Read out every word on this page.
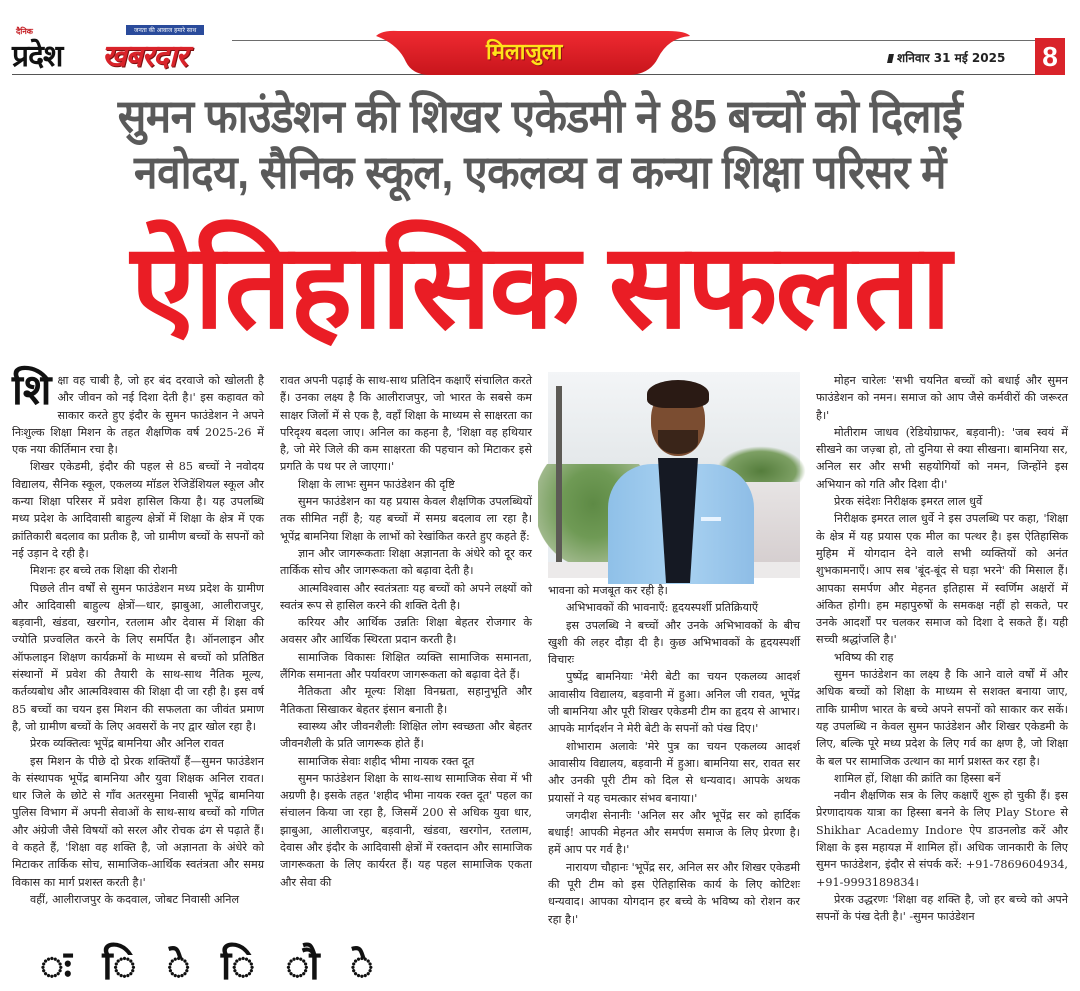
दैनिक	जनता की आवाज हमारे साथ
प्रदेश खबरदार	मिलाजुला	शनिवार 31 मई 2025 8
सुमन फाउंडेशन की शिखर एकेडमी ने 85 बच्चों को दिलाई
नवोदय, सैनिक स्कूल, एकलव्य व कन्या शिक्षा परिसर में
ऐतिहासिक सफलता

शिक्षा वह चाबी है, जो हर बंद दरवाजे को खोलती है और जीवन को नई दिशा देती है।' इस कहावत को साकार करते हुए इंदौर के सुमन फाउंडेशन ने अपने निःशुल्क शिक्षा मिशन के तहत शैक्षणिक वर्ष 2025-26 में एक नया कीर्तिमान रचा है।

शिखर एकेडमी, इंदौर की पहल से 85 बच्चों ने नवोदय विद्यालय, सैनिक स्कूल, एकलव्य मॉडल रेजिडेंशियल स्कूल और कन्या शिक्षा परिसर में प्रवेश हासिल किया है। यह उपलब्धि मध्य प्रदेश के आदिवासी बाहुल्य क्षेत्रों में शिक्षा के क्षेत्र में एक क्रांतिकारी बदलाव का प्रतीक है, जो ग्रामीण बच्चों के सपनों को नई उड़ान दे रही है।

मिशनः हर बच्चे तक शिक्षा की रोशनी

पिछले तीन वर्षों से सुमन फाउंडेशन मध्य प्रदेश के ग्रामीण और आदिवासी बाहुल्य क्षेत्रों—धार, झाबुआ, आलीराजपुर, बड़वानी, खंडवा, खरगोन, रतलाम और देवास में शिक्षा की ज्योति प्रज्वलित करने के लिए समर्पित है। ऑनलाइन और ऑफलाइन शिक्षण कार्यक्रमों के माध्यम से बच्चों को प्रतिष्ठित संस्थानों में प्रवेश की तैयारी के साथ-साथ नैतिक मूल्य, कर्तव्यबोध और आत्मविश्वास की शिक्षा दी जा रही है। इस वर्ष 85 बच्चों का चयन इस मिशन की सफलता का जीवंत प्रमाण है, जो ग्रामीण बच्चों के लिए अवसरों के नए द्वार खोल रहा है।

प्रेरक व्यक्तित्वः भूपेंद्र बामनिया और अनिल रावत

इस मिशन के पीछे दो प्रेरक शक्तियाँ हैं—सुमन फाउंडेशन के संस्थापक भूपेंद्र बामनिया और युवा शिक्षक अनिल रावत। धार जिले के छोटे से गाँव अतरसुमा निवासी भूपेंद्र बामनिया पुलिस विभाग में अपनी सेवाओं के साथ-साथ बच्चों को गणित और अंग्रेजी जैसे विषयों को सरल और रोचक ढंग से पढ़ाते हैं। वे कहते हैं, 'शिक्षा वह शक्ति है, जो अज्ञानता के अंधेरे को मिटाकर तार्किक सोच, सामाजिक-आर्थिक स्वतंत्रता और समग्र विकास का मार्ग प्रशस्त करती है।'

वहीं, आलीराजपुर के कदवाल, जोबट निवासी अनिल

रावत अपनी पढ़ाई के साथ-साथ प्रतिदिन कक्षाएँ संचालित करते हैं। उनका लक्ष्य है कि आलीराजपुर, जो भारत के सबसे कम साक्षर जिलों में से एक है, वहाँ शिक्षा के माध्यम से साक्षरता का परिदृश्य बदला जाए। अनिल का कहना है, 'शिक्षा वह हथियार है, जो मेरे जिले की कम साक्षरता की पहचान को मिटाकर इसे प्रगति के पथ पर ले जाएगा।'

शिक्षा के लाभः सुमन फाउंडेशन की दृष्टि

सुमन फाउंडेशन का यह प्रयास केवल शैक्षणिक उपलब्धियों तक सीमित नहीं है; यह बच्चों में समग्र बदलाव ला रहा है। भूपेंद्र बामनिया शिक्षा के लाभों को रेखांकित करते हुए कहते हैं:

ज्ञान और जागरूकताः शिक्षा अज्ञानता के अंधेरे को दूर कर तार्किक सोच और जागरूकता को बढ़ावा देती है।

आत्मविश्वास और स्वतंत्रताः यह बच्चों को अपने लक्ष्यों को स्वतंत्र रूप से हासिल करने की शक्ति देती है।

करियर और आर्थिक उन्नतिः शिक्षा बेहतर रोजगार के अवसर और आर्थिक स्थिरता प्रदान करती है।

सामाजिक विकासः शिक्षित व्यक्ति सामाजिक समानता, लैंगिक समानता और पर्यावरण जागरूकता को बढ़ावा देते हैं।

नैतिकता और मूल्यः शिक्षा विनम्रता, सहानुभूति और नैतिकता सिखाकर बेहतर इंसान बनाती है।

स्वास्थ्य और जीवनशैलीः शिक्षित लोग स्वच्छता और बेहतर जीवनशैली के प्रति जागरूक होते हैं।

सामाजिक सेवाः शहीद भीमा नायक रक्त दूत

सुमन फाउंडेशन शिक्षा के साथ-साथ सामाजिक सेवा में भी अग्रणी है। इसके तहत 'शहीद भीमा नायक रक्त दूत' पहल का संचालन किया जा रहा है, जिसमें 200 से अधिक युवा धार, झाबुआ, आलीराजपुर, बड़वानी, खंडवा, खरगोन, रतलाम, देवास और इंदौर के आदिवासी क्षेत्रों में रक्तदान और सामाजिक जागरूकता के लिए कार्यरत हैं। यह पहल सामाजिक एकता और सेवा की

भावना को मजबूत कर रही है।

अभिभावकों की भावनाएँ: हृदयस्पर्शी प्रतिक्रियाएँ

इस उपलब्धि ने बच्चों और उनके अभिभावकों के बीच खुशी की लहर दौड़ा दी है। कुछ अभिभावकों के हृदयस्पर्शी विचारः

पुष्पेंद्र बामनियाः 'मेरी बेटी का चयन एकलव्य आदर्श आवासीय विद्यालय, बड़वानी में हुआ। अनिल जी रावत, भूपेंद्र जी बामनिया और पूरी शिखर एकेडमी टीम का हृदय से आभार। आपके मार्गदर्शन ने मेरी बेटी के सपनों को पंख दिए।'

शोभाराम अलावेः 'मेरे पुत्र का चयन एकलव्य आदर्श आवासीय विद्यालय, बड़वानी में हुआ। बामनिया सर, रावत सर और उनकी पूरी टीम को दिल से धन्यवाद। आपके अथक प्रयासों ने यह चमत्कार संभव बनाया।'

जगदीश सेनानीः 'अनिल सर और भूपेंद्र सर को हार्दिक बधाई! आपकी मेहनत और समर्पण समाज के लिए प्रेरणा है। हमें आप पर गर्व है।'

नारायण चौहानः 'भूपेंद्र सर, अनिल सर और शिखर एकेडमी की पूरी टीम को इस ऐतिहासिक कार्य के लिए कोटिशः धन्यवाद। आपका योगदान हर बच्चे के भविष्य को रोशन कर रहा है।'

मोहन चारेलः 'सभी चयनित बच्चों को बधाई और सुमन फाउंडेशन को नमन। समाज को आप जैसे कर्मवीरों की जरूरत है।'

मोतीराम जाधव (रेडियोग्राफर, बड़वानी): 'जब स्वयं में सीखने का जज़्बा हो, तो दुनिया से क्या सीखना। बामनिया सर, अनिल सर और सभी सहयोगियों को नमन, जिन्होंने इस अभियान को गति और दिशा दी।'

प्रेरक संदेशः निरीक्षक इमरत लाल धुर्वे

निरीक्षक इमरत लाल धुर्वे ने इस उपलब्धि पर कहा, 'शिक्षा के क्षेत्र में यह प्रयास एक मील का पत्थर है। इस ऐतिहासिक मुहिम में योगदान देने वाले सभी व्यक्तियों को अनंत शुभकामनाएँ। आप सब 'बूंद-बूंद से घड़ा भरने' की मिसाल हैं। आपका समर्पण और मेहनत इतिहास में स्वर्णिम अक्षरों में अंकित होगी। हम महापुरुषों के समकक्ष नहीं हो सकते, पर उनके आदर्शों पर चलकर समाज को दिशा दे सकते हैं। यही सच्ची श्रद्धांजलि है।'

भविष्य की राह

सुमन फाउंडेशन का लक्ष्य है कि आने वाले वर्षों में और अधिक बच्चों को शिक्षा के माध्यम से सशक्त बनाया जाए, ताकि ग्रामीण भारत के बच्चे अपने सपनों को साकार कर सकें। यह उपलब्धि न केवल सुमन फाउंडेशन और शिखर एकेडमी के लिए, बल्कि पूरे मध्य प्रदेश के लिए गर्व का क्षण है, जो शिक्षा के बल पर सामाजिक उत्थान का मार्ग प्रशस्त कर रहा है।

शामिल हों, शिक्षा की क्रांति का हिस्सा बनें

नवीन शैक्षणिक सत्र के लिए कक्षाएँ शुरू हो चुकी हैं। इस प्रेरणादायक यात्रा का हिस्सा बनने के लिए Play Store से Shikhar Academy Indore ऐप डाउनलोड करें और शिक्षा के इस महायज्ञ में शामिल हों। अधिक जानकारी के लिए सुमन फाउंडेशन, इंदौर से संपर्क करें: +91-7869604934, +91-9993189834।

प्रेरक उद्धरणः 'शिक्षा वह शक्ति है, जो हर बच्चे को अपने सपनों के पंख देती है।' -सुमन फाउंडेशन

ः ि े ि ौ े
